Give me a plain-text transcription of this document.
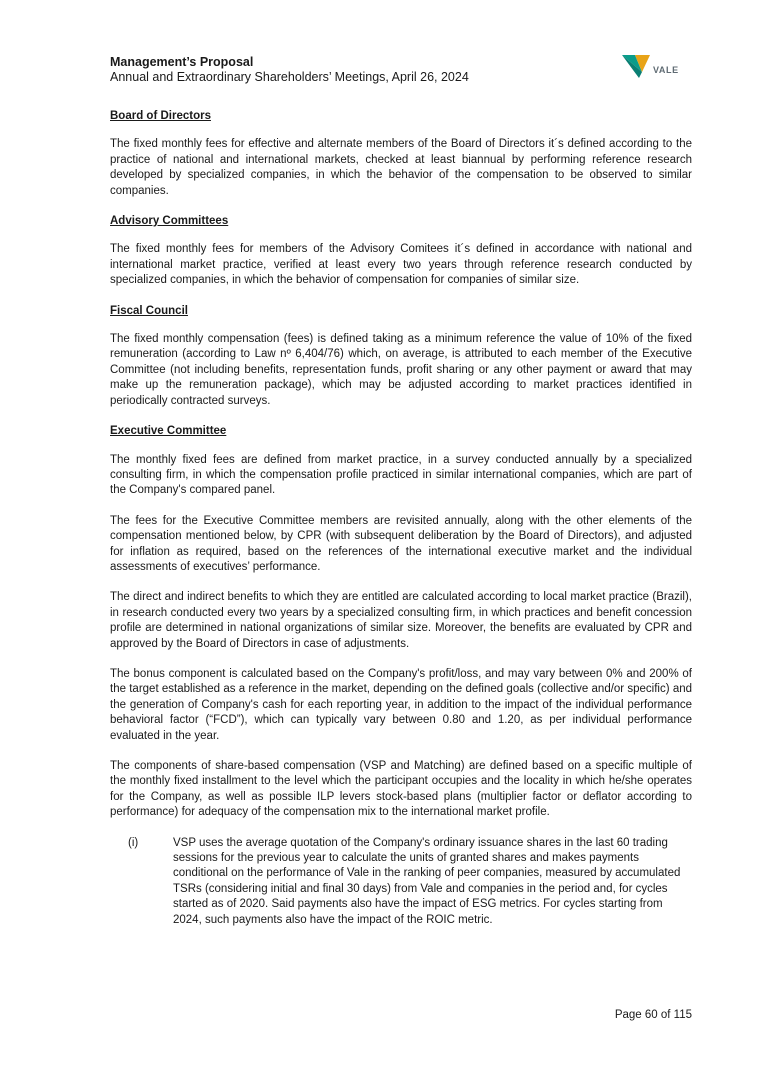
Management’s Proposal
Annual and Extraordinary Shareholders’ Meetings, April 26, 2024	VALE
Board of Directors

The fixed monthly fees for effective and alternate members of the Board of Directors it´s defined according to the practice of national and international markets, checked at least biannual by performing reference research developed by specialized companies, in which the behavior of the compensation to be observed to similar companies.

Advisory Committees

The fixed monthly fees for members of the Advisory Comitees it´s defined in accordance with national and international market practice, verified at least every two years through reference research conducted by specialized companies, in which the behavior of compensation for companies of similar size.

Fiscal Council

The fixed monthly compensation (fees) is defined taking as a minimum reference the value of 10% of the fixed remuneration (according to Law nº 6,404/76) which, on average, is attributed to each member of the Executive Committee (not including benefits, representation funds, profit sharing or any other payment or award that may make up the remuneration package), which may be adjusted according to market practices identified in periodically contracted surveys.

Executive Committee

The monthly fixed fees are defined from market practice, in a survey conducted annually by a specialized consulting firm, in which the compensation profile practiced in similar international companies, which are part of the Company's compared panel.

The fees for the Executive Committee members are revisited annually, along with the other elements of the compensation mentioned below, by CPR (with subsequent deliberation by the Board of Directors), and adjusted for inflation as required, based on the references of the international executive market and the individual assessments of executives’ performance.

The direct and indirect benefits to which they are entitled are calculated according to local market practice (Brazil), in research conducted every two years by a specialized consulting firm, in which practices and benefit concession profile are determined in national organizations of similar size. Moreover, the benefits are evaluated by CPR and approved by the Board of Directors in case of adjustments.

The bonus component is calculated based on the Company's profit/loss, and may vary between 0% and 200% of the target established as a reference in the market, depending on the defined goals (collective and/or specific) and the generation of Company's cash for each reporting year, in addition to the impact of the individual performance behavioral factor (“FCD”), which can typically vary between 0.80 and 1.20, as per individual performance evaluated in the year.

The components of share-based compensation (VSP and Matching) are defined based on a specific multiple of the monthly fixed installment to the level which the participant occupies and the locality in which he/she operates for the Company, as well as possible ILP levers stock-based plans (multiplier factor or deflator according to performance) for adequacy of the compensation mix to the international market profile.

(i)	VSP uses the average quotation of the Company's ordinary issuance shares in the last 60 trading sessions for the previous year to calculate the units of granted shares and makes payments conditional on the performance of Vale in the ranking of peer companies, measured by accumulated TSRs (considering initial and final 30 days) from Vale and companies in the period and, for cycles started as of 2020. Said payments also have the impact of ESG metrics. For cycles starting from 2024, such payments also have the impact of the ROIC metric.
Page 60 of 115
